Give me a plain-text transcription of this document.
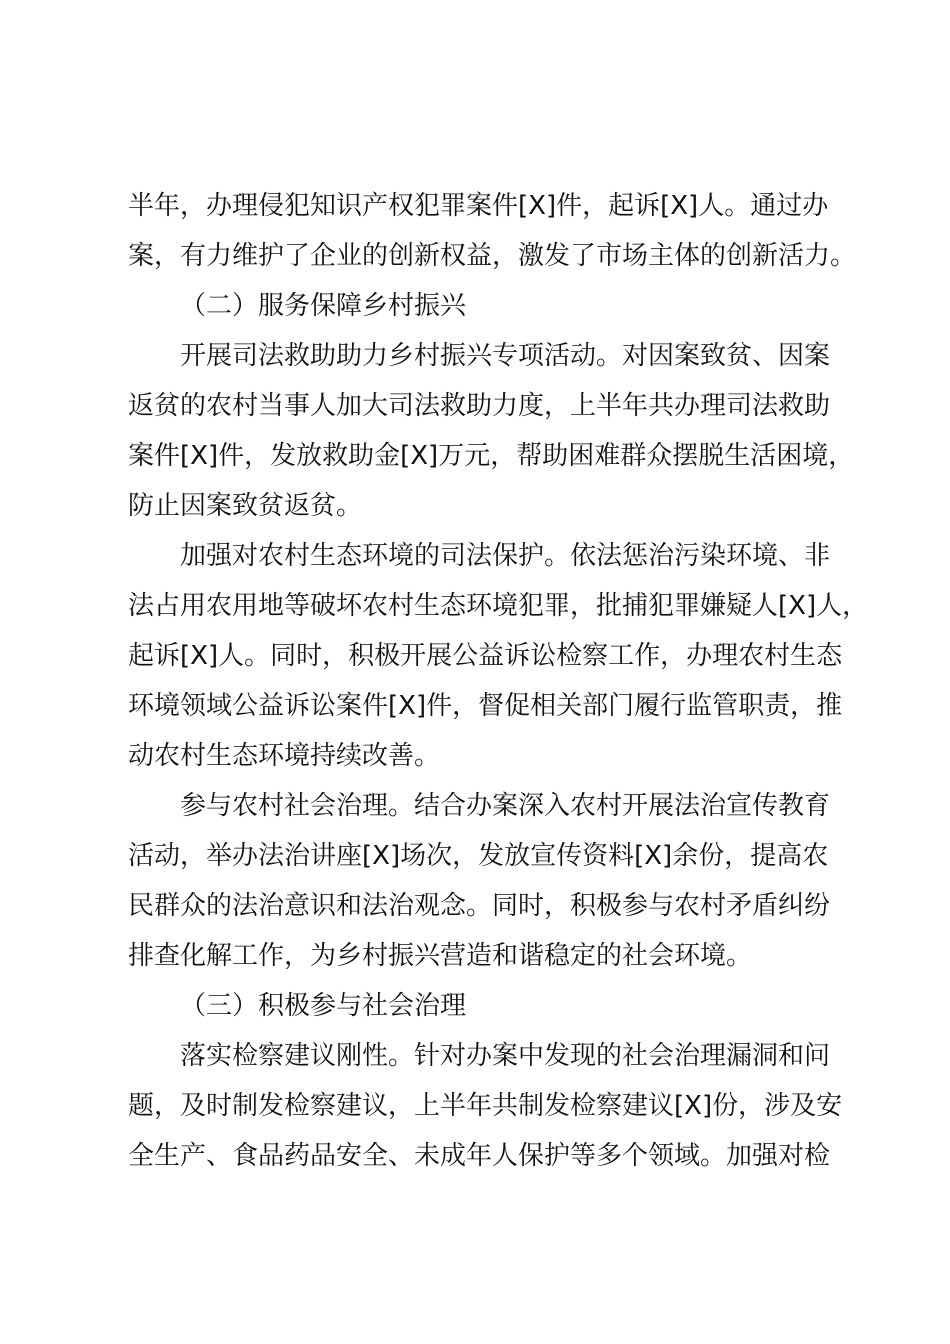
半年，办理侵犯知识产权犯罪案件[X]件，起诉[X]人。通过办
案，有力维护了企业的创新权益，激发了市场主体的创新活力。
（二）服务保障乡村振兴
开展司法救助助力乡村振兴专项活动。对因案致贫、因案
返贫的农村当事人加大司法救助力度，上半年共办理司法救助
案件[X]件，发放救助金[X]万元，帮助困难群众摆脱生活困境，
防止因案致贫返贫。
加强对农村生态环境的司法保护。依法惩治污染环境、非
法占用农用地等破坏农村生态环境犯罪，批捕犯罪嫌疑人[X]人，
起诉[X]人。同时，积极开展公益诉讼检察工作，办理农村生态
环境领域公益诉讼案件[X]件，督促相关部门履行监管职责，推
动农村生态环境持续改善。
参与农村社会治理。结合办案深入农村开展法治宣传教育
活动，举办法治讲座[X]场次，发放宣传资料[X]余份，提高农
民群众的法治意识和法治观念。同时，积极参与农村矛盾纠纷
排查化解工作，为乡村振兴营造和谐稳定的社会环境。
（三）积极参与社会治理
落实检察建议刚性。针对办案中发现的社会治理漏洞和问
题，及时制发检察建议，上半年共制发检察建议[X]份，涉及安
全生产、食品药品安全、未成年人保护等多个领域。加强对检
